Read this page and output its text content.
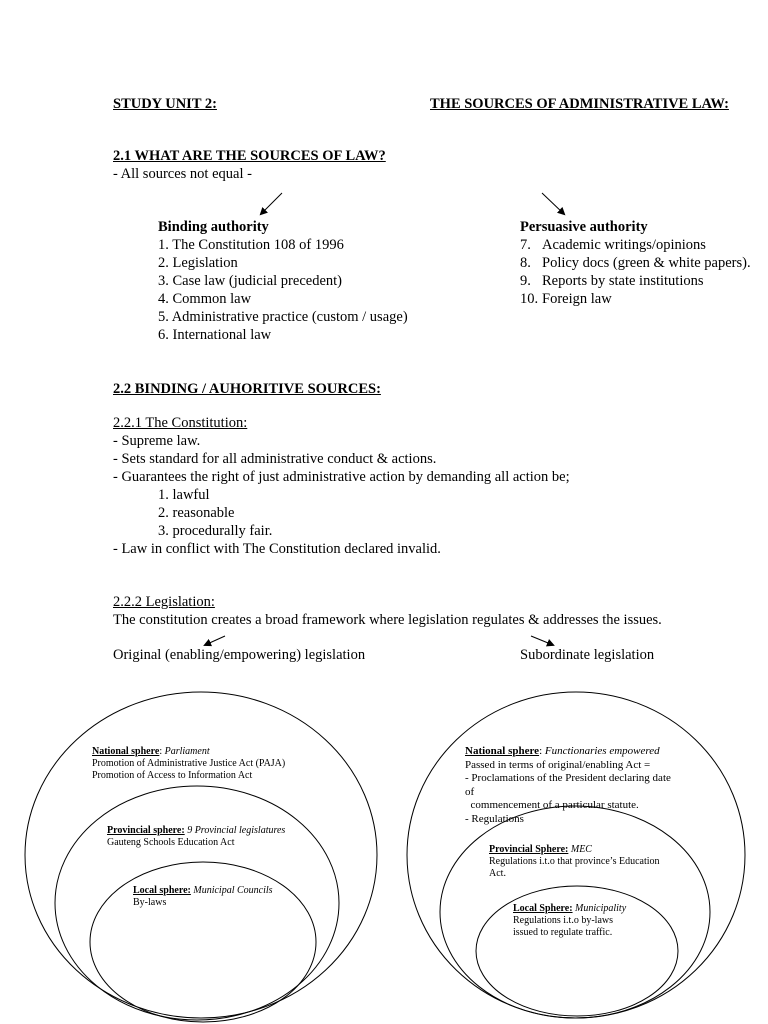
STUDY UNIT 2:	THE SOURCES OF ADMINISTRATIVE LAW:
2.1 WHAT ARE THE SOURCES OF LAW?
- All sources not equal -
Binding authority
1. The Constitution 108 of 1996
2. Legislation
3. Case law (judicial precedent)
4. Common law
5. Administrative practice (custom / usage)
6. International law
Persuasive authority
7. Academic writings/opinions
8. Policy docs (green & white papers).
9. Reports by state institutions
10. Foreign law
2.2 BINDING / AUHORITIVE SOURCES:
2.2.1 The Constitution:
- Supreme law.
- Sets standard for all administrative conduct & actions.
- Guarantees the right of just administrative action by demanding all action be;
1. lawful
2. reasonable
3. procedurally fair.
- Law in conflict with The Constitution declared invalid.
2.2.2 Legislation:
The constitution creates a broad framework where legislation regulates & addresses the issues.
Original (enabling/empowering) legislation	Subordinate legislation
National sphere: Parliament
Promotion of Administrative Justice Act (PAJA)
Promotion of Access to Information Act
Provincial sphere: 9 Provincial legislatures
Gauteng Schools Education Act
Local sphere: Municipal Councils
By-laws
National sphere: Functionaries empowered
Passed in terms of original/enabling Act =
- Proclamations of the President declaring date
of
commencement of a particular statute.
- Regulations
Provincial Sphere: MEC
Regulations i.t.o that province’s Education
Act.
Local Sphere: Municipality
Regulations i.t.o by-laws
issued to regulate traffic.
